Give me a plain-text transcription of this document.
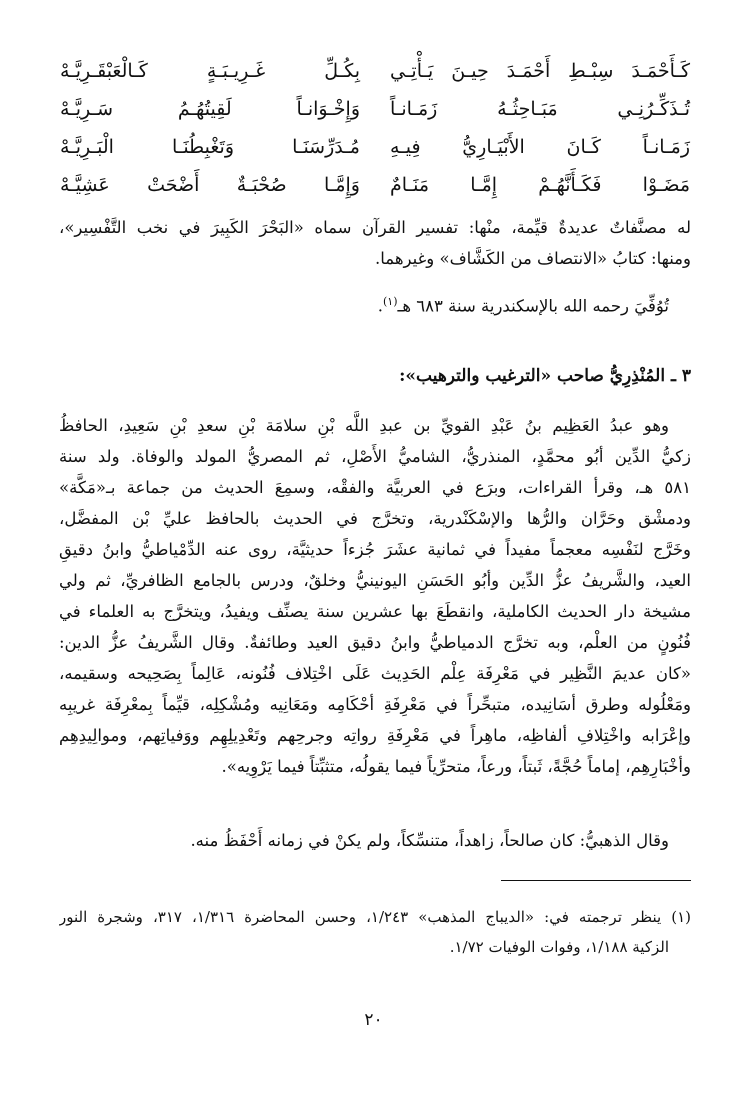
كَـأَحْمَـدَ سِبْـطِ أَحْمَـدَ حِيـنَ يَـأْتِـي
بِكُـلِّ غَـرِيـبَـةٍ كَـالْعَبْقَـرِيَّـهْ
تُـذَكِّـرُنِـي مَبَـاحِثُـهُ زَمَـانـاً
وَإِخْـوَانـاً لَقِيتُهُـمُ سَـرِيَّـهْ
زَمَـانـاً كَـانَ الأَبْيَـارِيُّ فِيـهِ
مُـدَرِّسَنَـا وَتَغْبِطُنَـا الْبَـرِيَّـهْ
مَضَـوْا فَكَـأَنَّهُـمْ إِمَّـا مَنَـامٌ
وَإِمَّـا صُحْبَـةٌ أَضْحَتْ عَشِيَّـهْ
له مصنَّفاتٌ عديدةٌ قيِّمة، منْها: تفسير القرآن سماه «البَحْرَ الكَبِيرَ في نخب التَّفْسِير»،
ومنها: كتابُ «الانتصاف من الكَشَّاف» وغيرهما.
تُوُفِّيَ رحمه الله بالإسكندرية سنة ٦٨٣ هـ$^{(١)}$.
٣ ـ المُنْذِرِيُّ صاحب «الترغيب والترهيب»:
وهو عبدُ العَظِيم بنُ عَبْدِ القويِّ بن عبدِ اللَّه بْنِ سلامَة بْنِ سعدِ بْنِ سَعِيدِ، الحافظُ
زكيُّ الدِّين أبُو محمَّدٍ، المنذريُّ، الشاميُّ الأَصْلِ، ثم المصريُّ المولد والوفاة. ولد سنة
٥٨١ هـ، وقرأ القراءات، وبرَع في العربيَّة والفقْه، وسمِعَ الحديث من جماعة بـ«مَكَّة»
ودمشْق وحَرَّان والرُّها والإسْكَنْدرية، وتخرَّج في الحديث بالحافظ عليِّ بْن المفضَّل،
وخَرَّج لنَفْسِه معجماً مفيداً في ثمانية عشَرَ جُزءاً حديثيَّة، روى عنه الدِّمْياطيُّ وابنُ دقيقِ
العيد، والشَّريفُ عزُّ الدِّين وأبُو الحَسَنِ اليونينيُّ وخلقٌ، ودرس بالجامع الظافريِّ، ثم ولي
مشيخة دار الحديث الكاملية، وانقطَعَ بها عشرين سنة يصنِّف ويفيدُ، ويتخرَّج به العلماء في
فُنُونٍ من العلْم، وبه تخرَّج الدمياطيُّ وابنُ دقيق العيد وطائفةٌ. وقال الشَّريفُ عزُّ الدين:
«كان عديمَ النَّظِير في مَعْرِفَة عِلْم الحَدِيث عَلَى اخْتِلاف فُنُونه، عَالِماً بِصَحِيحه وسقيمه،
ومَعْلُوله وطرق أسَانِيده، متبحِّراً في مَعْرِفَةِ أحْكَامِه ومَعَانِيه ومُشْكِلِه، قيِّماً بِمعْرِفَة غريبِه
وإعْرَابه واخْتِلافِ ألفاظِه، ماهِراً في مَعْرِفَةِ رواتِه وجرحِهم وتَعْدِيلِهِم ووَفياتِهم، وموالِيدِهِم
وأخْبَارِهِم، إماماً حُجَّةً، ثَبتاً، ورعاً، متحرِّياً فيما يقولُه، متثبِّتاً فيما يَرْوِيه».
وقال الذهبيُّ: كان صالحاً، زاهداً، متنسِّكاً، ولم يكنْ في زمانه أَحْفَظُ منه.
(١) ينظر ترجمته في: «الديباج المذهب» ١/٢٤٣، وحسن المحاضرة ١/٣١٦، ٣١٧، وشجرة النور
الزكية ١/١٨٨، وفوات الوفيات ١/٧٢.
٢٠
